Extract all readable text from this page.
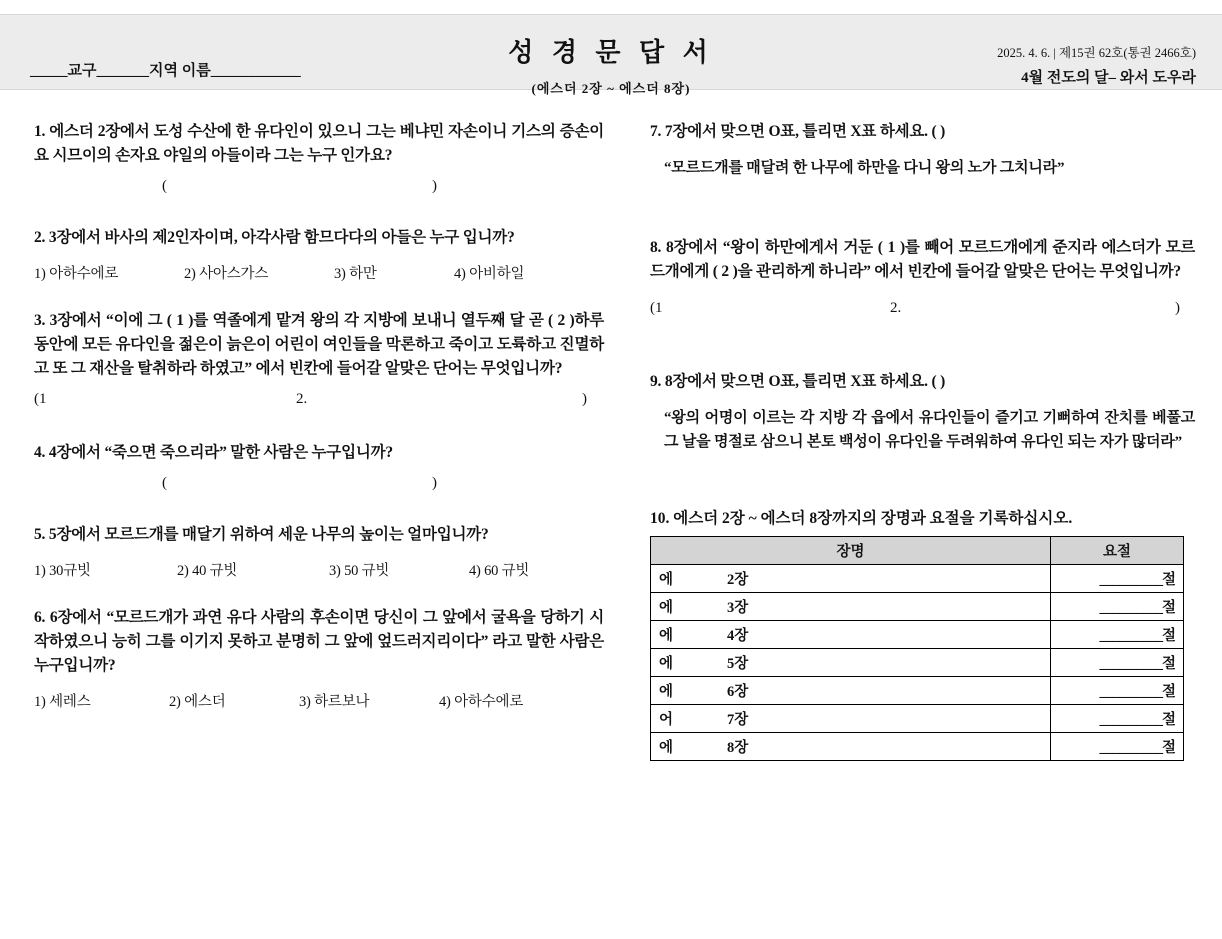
_____교구_______지역 이름____________
2025. 4. 6. | 제15권 62호(통권 2466호)
4월 전도의 달– 와서 도우라
성 경 문 답 서
(에스더 2장 ~ 에스더 8장)
1. 에스더 2장에서 도성 수산에 한 유다인이 있으니 그는 베냐민 자손이니 기스의 증손이요 시므이의 손자요 야일의 아들이라 그는 누구 인가요?
(	)
2. 3장에서 바사의 제2인자이며, 아각사람 함므다다의 아들은 누구 입니까?
1) 아하수에로	2) 사아스가스	3) 하만	4) 아비하일
3. 3장에서 “이에 그 ( 1 )를 역졸에게 맡겨 왕의 각 지방에 보내니 열두째 달 곧 ( 2 )하루 동안에 모든 유다인을 젊은이 늙은이 어린이 여인들을 막론하고 죽이고 도륙하고 진멸하고 또 그 재산을 탈취하라 하였고” 에서 빈칸에 들어갈 알맞은 단어는 무엇입니까?
(1	2.	)
4. 4장에서 “죽으면 죽으리라” 말한 사람은 누구입니까?
(	)
5. 5장에서 모르드개를 매달기 위하여 세운 나무의 높이는 얼마입니까?
1) 30규빗	2) 40 규빗	3) 50 규빗	4) 60 규빗
6. 6장에서 “모르드개가 과연 유다 사람의 후손이면 당신이 그 앞에서 굴욕을 당하기 시작하였으니 능히 그를 이기지 못하고 분명히 그 앞에 엎드러지리이다” 라고 말한 사람은 누구입니까?
1) 세레스	2) 에스더	3) 하르보나	4) 아하수에로
7. 7장에서 맞으면 O표, 틀리면 X표 하세요. ( )
“모르드개를 매달려 한 나무에 하만을 다니 왕의 노가 그치니라”
8. 8장에서 “왕이 하만에게서 거둔 ( 1 )를 빼어 모르드개에게 준지라 에스더가 모르드개에게 ( 2 )을 관리하게 하니라” 에서 빈칸에 들어갈 알맞은 단어는 무엇입니까?
(1	2.	)
9. 8장에서 맞으면 O표, 틀리면 X표 하세요. ( )
“왕의 어명이 이르는 각 지방 각 읍에서 유다인들이 즐기고 기뻐하여 잔치를 베풀고 그 날을 명절로 삼으니 본토 백성이 유다인을 두려워하여 유다인 되는 자가 많더라”
10. 에스더 2장 ~ 에스더 8장까지의 장명과 요절을 기록하십시오.
장명	요절
에 2장	__________절
에 3장	__________절
에 4장	__________절
에 5장	__________절
에 6장	__________절
어 7장	__________절
에 8장	__________절
